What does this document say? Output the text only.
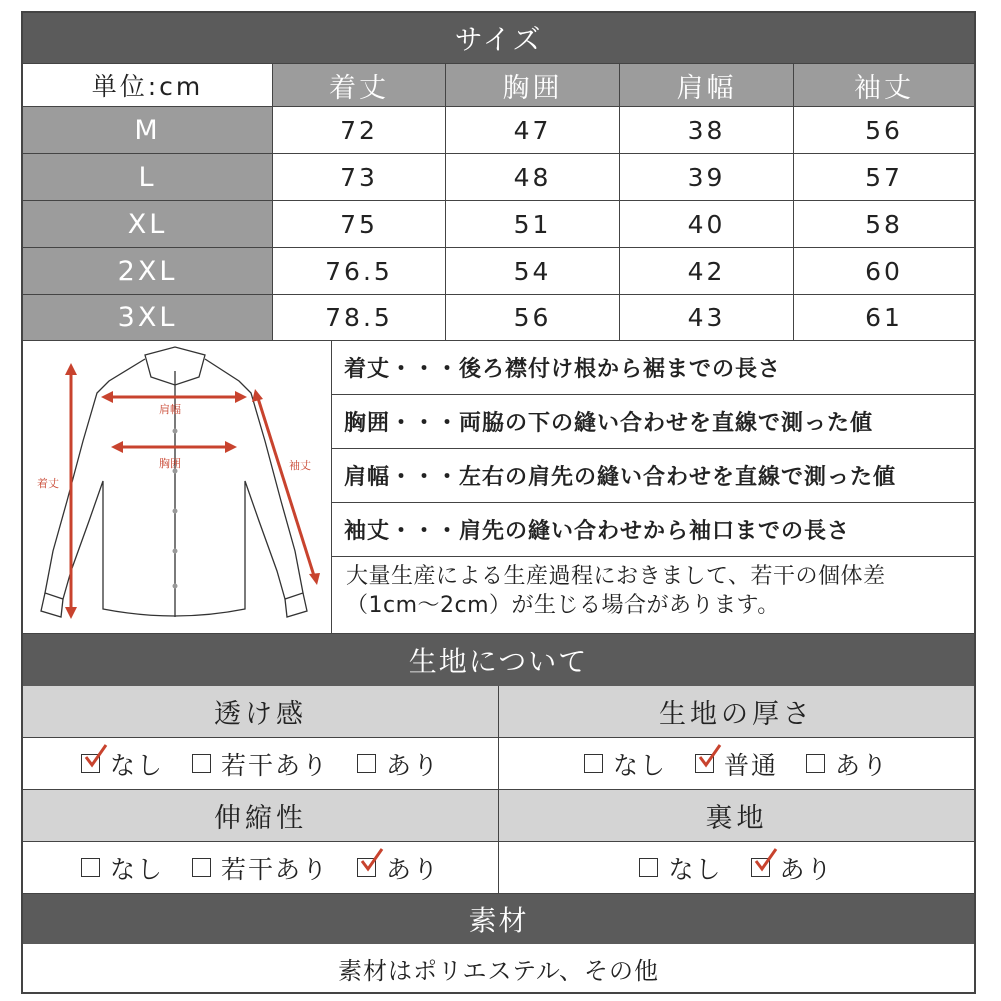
サイズ
単位:cm	着丈	胸囲	肩幅	袖丈
M	72	47	38	56
L	73	48	39	57
XL	75	51	40	58
2XL	76.5	54	42	60
3XL	78.5	56	43	61
肩幅
胸囲
着丈
袖丈
着丈・・・後ろ襟付け根から裾までの長さ
胸囲・・・両脇の下の縫い合わせを直線で測った値
肩幅・・・左右の肩先の縫い合わせを直線で測った値
袖丈・・・肩先の縫い合わせから袖口までの長さ
大量生産による生産過程におきまして、若干の個体差
（1cm〜2cm）が生じる場合があります。
生地について
透け感	生地の厚さ
なし 若干あり あり	なし 普通 あり
伸縮性	裏地
なし 若干あり あり	なし あり
素材
素材はポリエステル、その他
